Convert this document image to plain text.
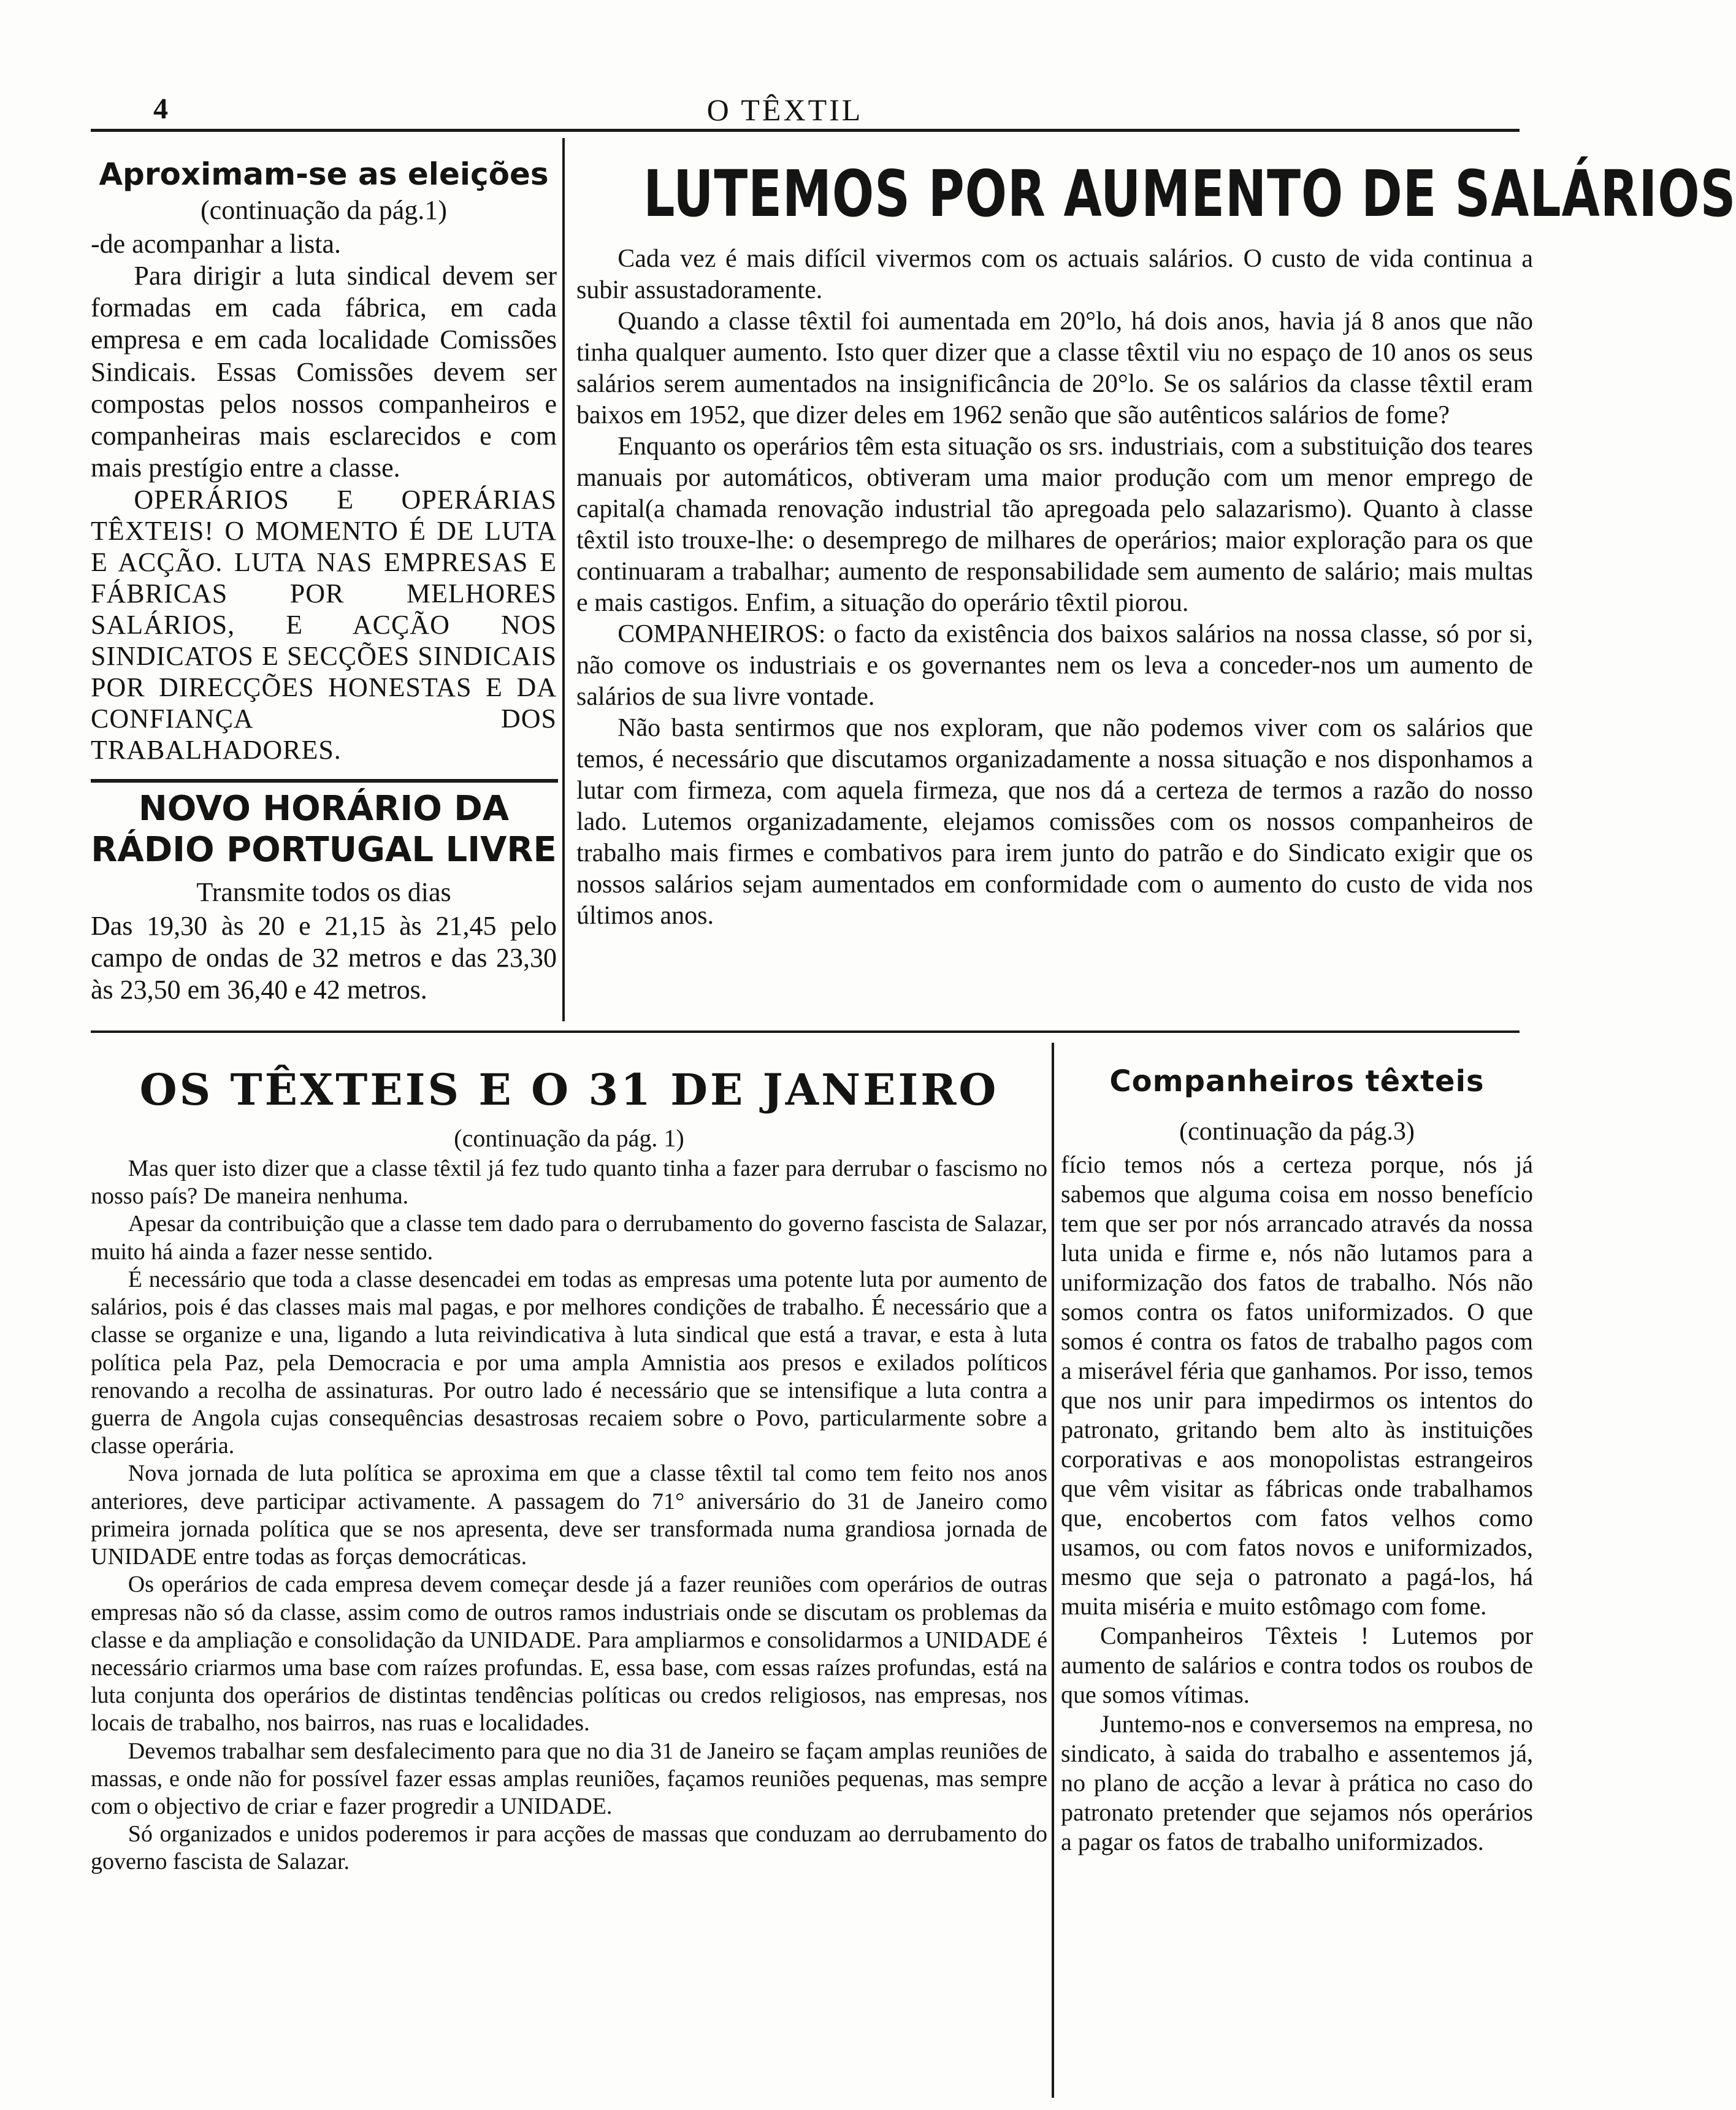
4	O TÊXTIL
Aproximam-se as eleições
(continuação da pág.1)

-de acompanhar a lista.

Para dirigir a luta sindical devem ser formadas em cada fábrica, em cada empresa e em cada localidade Comissões Sindicais. Essas Comissões devem ser compostas pelos nossos companheiros e companheiras mais esclarecidos e com mais prestígio entre a classe.

OPERÁRIOS E OPERÁRIAS TÊXTEIS! O MOMENTO É DE LUTA E ACÇÃO. LUTA NAS EMPRESAS E FÁBRICAS POR MELHORES SALÁRIOS, E ACÇÃO NOS SINDICATOS E SECÇÕES SINDICAIS POR DIRECÇÕES HONESTAS E DA CONFIANÇA DOS TRABALHADORES.

NOVO HORÁRIO DA
RÁDIO PORTUGAL LIVRE
Transmite todos os dias

Das 19,30 às 20 e 21,15 às 21,45 pelo campo de ondas de 32 metros e das 23,30 às 23,50 em 36,40 e 42 metros.

LUTEMOS POR AUMENTO DE SALÁRIOS

Cada vez é mais difícil vivermos com os actuais salários. O custo de vida continua a subir assustadoramente.

Quando a classe têxtil foi aumentada em 20°lo, há dois anos, havia já 8 anos que não tinha qualquer aumento. Isto quer dizer que a classe têxtil viu no espaço de 10 anos os seus salários serem aumentados na insignificância de 20°lo. Se os salários da classe têxtil eram baixos em 1952, que dizer deles em 1962 senão que são autênticos salários de fome?

Enquanto os operários têm esta situação os srs. industriais, com a substituição dos teares manuais por automáticos, obtiveram uma maior produção com um menor emprego de capital(a chamada renovação industrial tão apregoada pelo salazarismo). Quanto à classe têxtil isto trouxe-lhe: o desemprego de milhares de operários; maior exploração para os que continuaram a trabalhar; aumento de responsabilidade sem aumento de salário; mais multas e mais castigos. Enfim, a situação do operário têxtil piorou.

COMPANHEIROS: o facto da existência dos baixos salários na nossa classe, só por si, não comove os industriais e os governantes nem os leva a conceder-nos um aumento de salários de sua livre vontade.

Não basta sentirmos que nos exploram, que não podemos viver com os salários que temos, é necessário que discutamos organizadamente a nossa situação e nos disponhamos a lutar com firmeza, com aquela firmeza, que nos dá a certeza de termos a razão do nosso lado. Lutemos organizadamente, elejamos comissões com os nossos companheiros de trabalho mais firmes e combativos para irem junto do patrão e do Sindicato exigir que os nossos salários sejam aumentados em conformidade com o aumento do custo de vida nos últimos anos.

OS TÊXTEIS E O 31 DE JANEIRO
(continuação da pág. 1)

Mas quer isto dizer que a classe têxtil já fez tudo quanto tinha a fazer para derrubar o fascismo no nosso país? De maneira nenhuma.

Apesar da contribuição que a classe tem dado para o derrubamento do governo fascista de Salazar, muito há ainda a fazer nesse sentido.

É necessário que toda a classe desencadei em todas as empresas uma potente luta por aumento de salários, pois é das classes mais mal pagas, e por melhores condições de trabalho. É necessário que a classe se organize e una, ligando a luta reivindicativa à luta sindical que está a travar, e esta à luta política pela Paz, pela Democracia e por uma ampla Amnistia aos presos e exilados políticos renovando a recolha de assinaturas. Por outro lado é necessário que se intensifique a luta contra a guerra de Angola cujas consequências desastrosas recaiem sobre o Povo, particularmente sobre a classe operária.

Nova jornada de luta política se aproxima em que a classe têxtil tal como tem feito nos anos anteriores, deve participar activamente. A passagem do 71° aniversário do 31 de Janeiro como primeira jornada política que se nos apresenta, deve ser transformada numa grandiosa jornada de UNIDADE entre todas as forças democráticas.

Os operários de cada empresa devem começar desde já a fazer reuniões com operários de outras empresas não só da classe, assim como de outros ramos industriais onde se discutam os problemas da classe e da ampliação e consolidação da UNIDADE. Para ampliarmos e consolidarmos a UNIDADE é necessário criarmos uma base com raízes profundas. E, essa base, com essas raízes profundas, está na luta conjunta dos operários de distintas tendências políticas ou credos religiosos, nas empresas, nos locais de trabalho, nos bairros, nas ruas e localidades.

Devemos trabalhar sem desfalecimento para que no dia 31 de Janeiro se façam amplas reuniões de massas, e onde não for possível fazer essas amplas reuniões, façamos reuniões pequenas, mas sempre com o objectivo de criar e fazer progredir a UNIDADE.

Só organizados e unidos poderemos ir para acções de massas que conduzam ao derrubamento do governo fascista de Salazar.

Companheiros têxteis
(continuação da pág.3)

fício temos nós a certeza porque, nós já sabemos que alguma coisa em nosso benefício tem que ser por nós arrancado através da nossa luta unida e firme e, nós não lutamos para a uniformização dos fatos de trabalho. Nós não somos contra os fatos uniformizados. O que somos é contra os fatos de trabalho pagos com a miserável féria que ganhamos. Por isso, temos que nos unir para impedirmos os intentos do patronato, gritando bem alto às instituições corporativas e aos monopolistas estrangeiros que vêm visitar as fábricas onde trabalhamos que, encobertos com fatos velhos como usamos, ou com fatos novos e uniformizados, mesmo que seja o patronato a pagá-los, há muita miséria e muito estômago com fome.

Companheiros Têxteis ! Lutemos por aumento de salários e contra todos os roubos de que somos vítimas.

Juntemo-nos e conversemos na empresa, no sindicato, à saida do trabalho e assentemos já, no plano de acção a levar à prática no caso do patronato pretender que sejamos nós operários a pagar os fatos de trabalho uniformizados.
